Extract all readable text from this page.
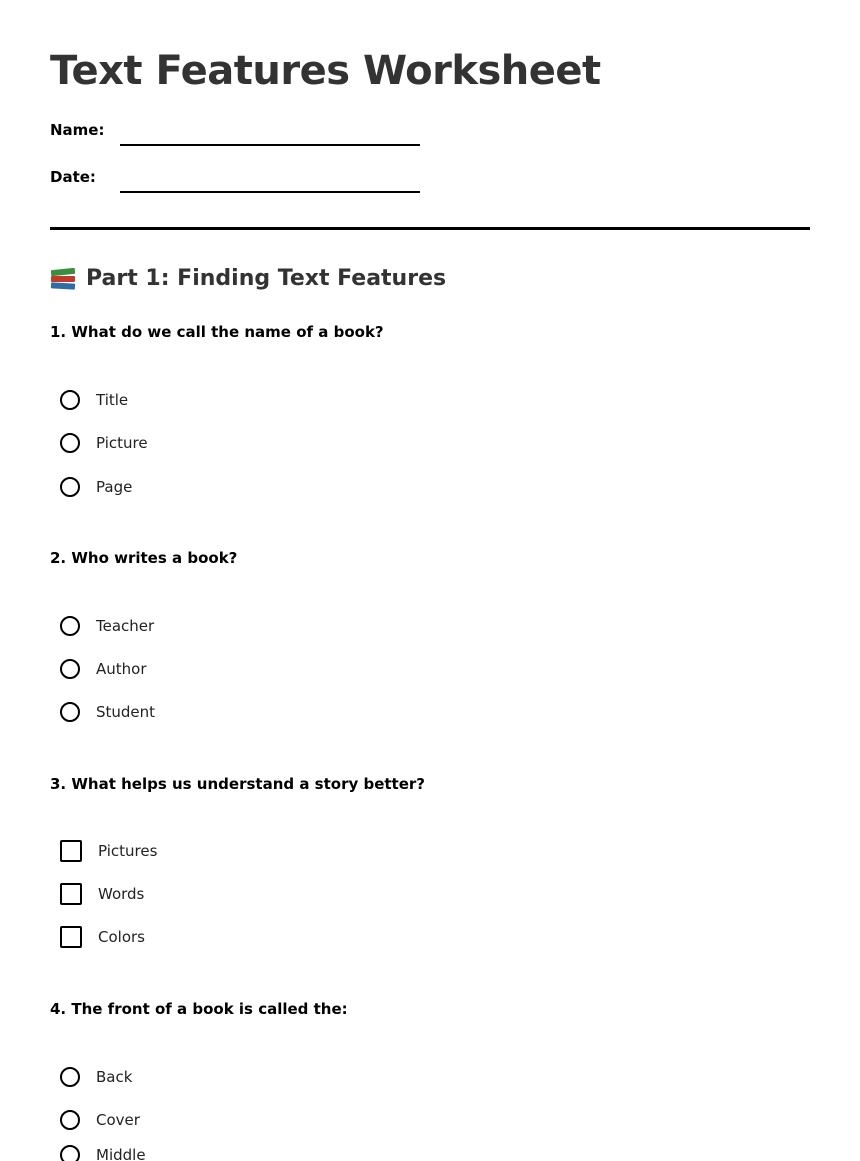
Text Features Worksheet
Name:
Date:
Part 1: Finding Text Features
1. What do we call the name of a book?
Title
Picture
Page
2. Who writes a book?
Teacher
Author
Student
3. What helps us understand a story better?
Pictures
Words
Colors
4. The front of a book is called the:
Back
Cover
Middle
